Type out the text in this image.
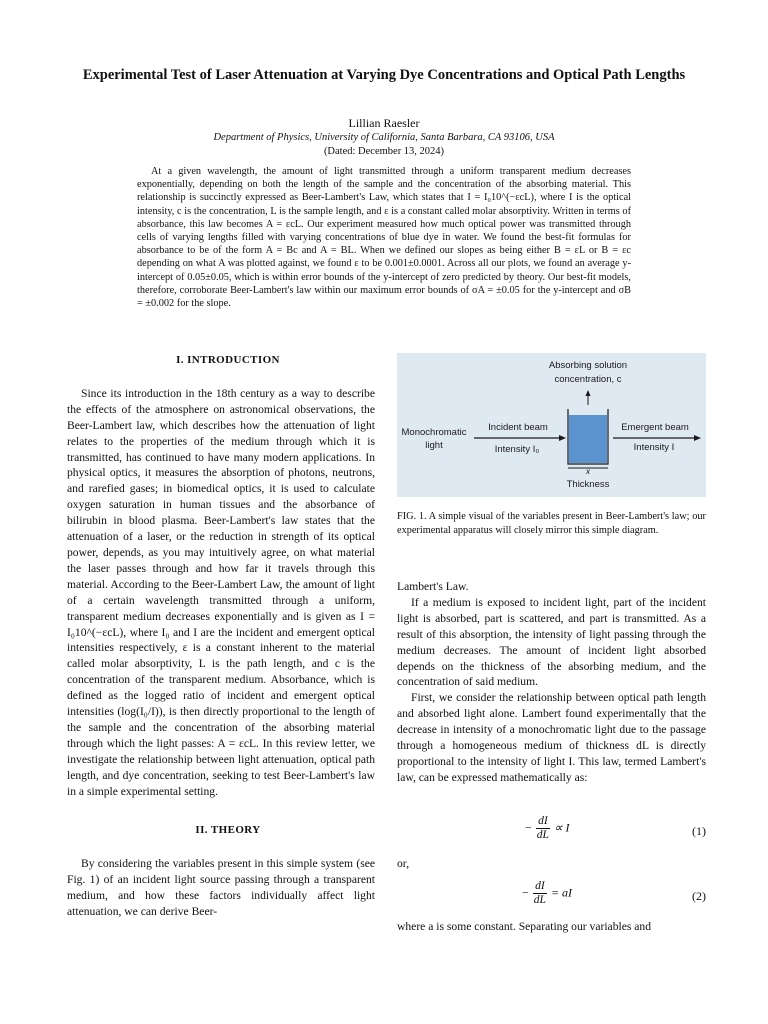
Experimental Test of Laser Attenuation at Varying Dye Concentrations and Optical Path Lengths
Lillian Raesler
Department of Physics, University of California, Santa Barbara, CA 93106, USA
(Dated: December 13, 2024)

At a given wavelength, the amount of light transmitted through a uniform transparent medium decreases exponentially, depending on both the length of the sample and the concentration of the absorbing material. This relationship is succinctly expressed as Beer-Lambert's Law, which states that I = I₀10^(−εcL), where I is the optical intensity, c is the concentration, L is the sample length, and ε is a constant called molar absorptivity. Written in terms of absorbance, this law becomes A = εcL. Our experiment measured how much optical power was transmitted through cells of varying lengths filled with varying concentrations of blue dye in water. We found the best-fit formulas for absorbance to be of the form A = Bc and A = BL. When we defined our slopes as being either B = εL or B = εc depending on what A was plotted against, we found ε to be 0.001±0.0001. Across all our plots, we found an average y-intercept of 0.05±0.05, which is within error bounds of the y-intercept of zero predicted by theory. Our best-fit models, therefore, corroborate Beer-Lambert's law within our maximum error bounds of σA = ±0.05 for the y-intercept and σB = ±0.002 for the slope.

I. INTRODUCTION

Since its introduction in the 18th century as a way to describe the effects of the atmosphere on astronomical observations, the Beer-Lambert law, which describes how the attenuation of light relates to the properties of the medium through which it is transmitted, has continued to have many modern applications. In physical optics, it measures the absorption of photons, neutrons, and rarefied gases; in biomedical optics, it is used to calculate oxygen saturation in human tissues and the absorbance of bilirubin in blood plasma. Beer-Lambert's law states that the attenuation of a laser, or the reduction in strength of its optical power, depends, as you may intuitively agree, on what material the laser passes through and how far it travels through this material. According to the Beer-Lambert Law, the amount of light of a certain wavelength transmitted through a uniform, transparent medium decreases exponentially and is given as I = I₀10^(−εcL), where I₀ and I are the incident and emergent optical intensities respectively, ε is a constant inherent to the material called molar absorptivity, L is the path length, and c is the concentration of the transparent medium. Absorbance, which is defined as the logged ratio of incident and emergent optical intensities (log(I₀/I)), is then directly proportional to the length of the sample and the concentration of the absorbing material through which the light passes: A = εcL. In this review letter, we investigate the relationship between light attenuation, optical path length, and dye concentration, seeking to test Beer-Lambert's law in a simple experimental setting.

II. THEORY

By considering the variables present in this simple system (see Fig. 1) of an incident light source passing through a transparent medium, and how these factors individually affect light attenuation, we can derive Beer-

Absorbing solution
concentration, c
Monochromatic
light
Incident beam
Intensity I₀
Emergent beam
Intensity I
x
Thickness

FIG. 1. A simple visual of the variables present in Beer-Lambert's law; our experimental apparatus will closely mirror this simple diagram.

Lambert's Law.

If a medium is exposed to incident light, part of the incident light is absorbed, part is scattered, and part is transmitted. As a result of this absorption, the intensity of light passing through the medium decreases. The amount of incident light absorbed depends on the thickness of the absorbing medium, and the concentration of said medium.

First, we consider the relationship between optical path length and absorbed light alone. Lambert found experimentally that the decrease in intensity of a monochromatic light due to the passage through a homogeneous medium of thickness dL is directly proportional to the intensity of light I. This law, termed Lambert's law, can be expressed mathematically as:

− $\frac{dI}{dL} \propto I$	(1)

or,

− $\frac{dI}{dL}$ = aI	(2)

where a is some constant. Separating our variables and
